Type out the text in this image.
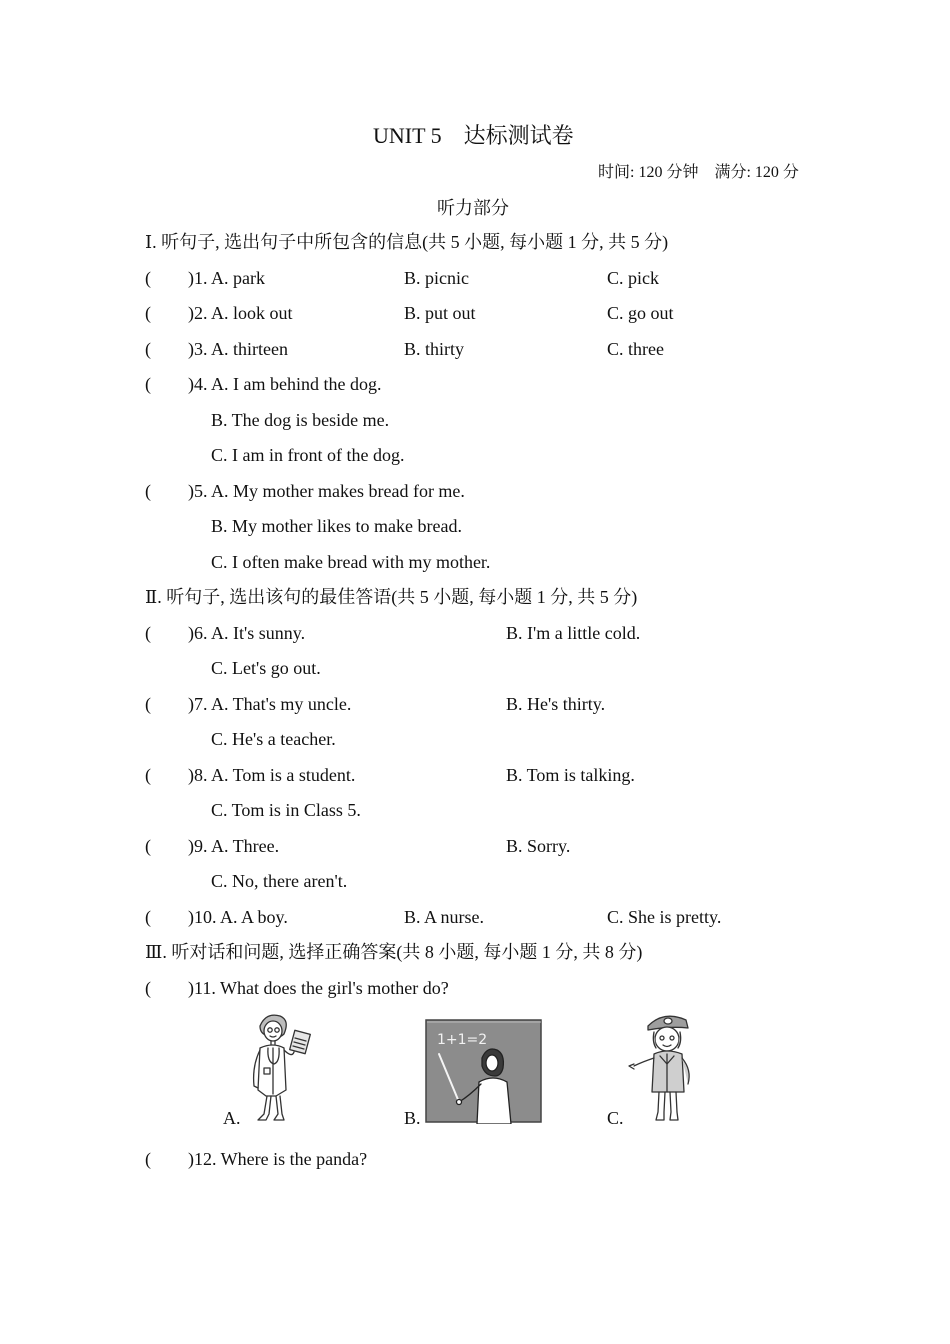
UNIT 5　达标测试卷
时间: 120 分钟　满分: 120 分
听力部分
Ⅰ. 听句子, 选出句子中所包含的信息(共 5 小题, 每小题 1 分, 共 5 分)
( )1. A. park	B. picnic	C. pick
( )2. A. look out	B. put out	C. go out
( )3. A. thirteen	B. thirty	C. three
( )4. A. I am behind the dog.
B. The dog is beside me.
C. I am in front of the dog.
( )5. A. My mother makes bread for me.
B. My mother likes to make bread.
C. I often make bread with my mother.
Ⅱ. 听句子, 选出该句的最佳答语(共 5 小题, 每小题 1 分, 共 5 分)
( )6. A. It's sunny.	B. I'm a little cold.
C. Let's go out.
( )7. A. That's my uncle.	B. He's thirty.
C. He's a teacher.
( )8. A. Tom is a student.	B. Tom is talking.
C. Tom is in Class 5.
( )9. A. Three.	B. Sorry.
C. No, there aren't.
( )10. A. A boy.	B. A nurse.	C. She is pretty.
Ⅲ. 听对话和问题, 选择正确答案(共 8 小题, 每小题 1 分, 共 8 分)
( )11. What does the girl's mother do?
A.	B.
1+1=2
C.
( )12. Where is the panda?
